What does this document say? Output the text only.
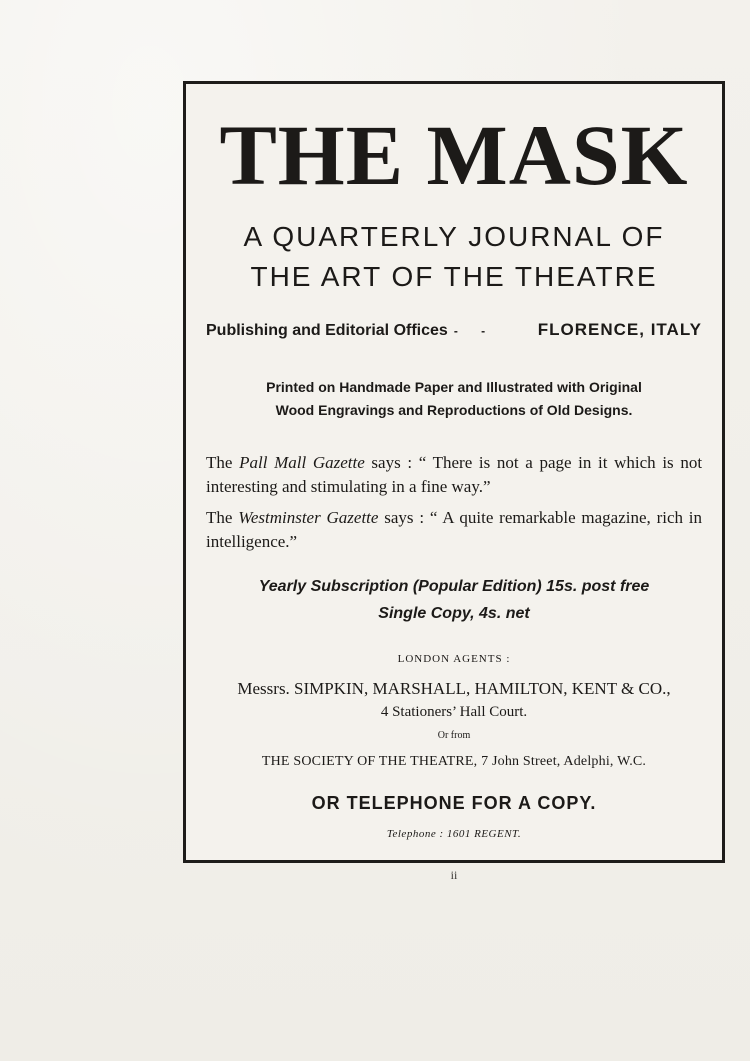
THE MASK
A QUARTERLY JOURNAL OF
THE ART OF THE THEATRE
Publishing and Editorial Offices - -	FLORENCE, ITALY
Printed on Handmade Paper and Illustrated with Original
Wood Engravings and Reproductions of Old Designs.
The Pall Mall Gazette says : “ There is not a page in it which is not interesting and stimulating in a fine way.”
The Westminster Gazette says : “ A quite remarkable magazine, rich in intelligence.”
Yearly Subscription (Popular Edition) 15s. post free
Single Copy, 4s. net
LONDON AGENTS :
Messrs. SIMPKIN, MARSHALL, HAMILTON, KENT & CO.,
4 Stationers’ Hall Court.
Or from
THE SOCIETY OF THE THEATRE, 7 John Street, Adelphi, W.C.
OR TELEPHONE FOR A COPY.
Telephone : 1601 REGENT.
ii
